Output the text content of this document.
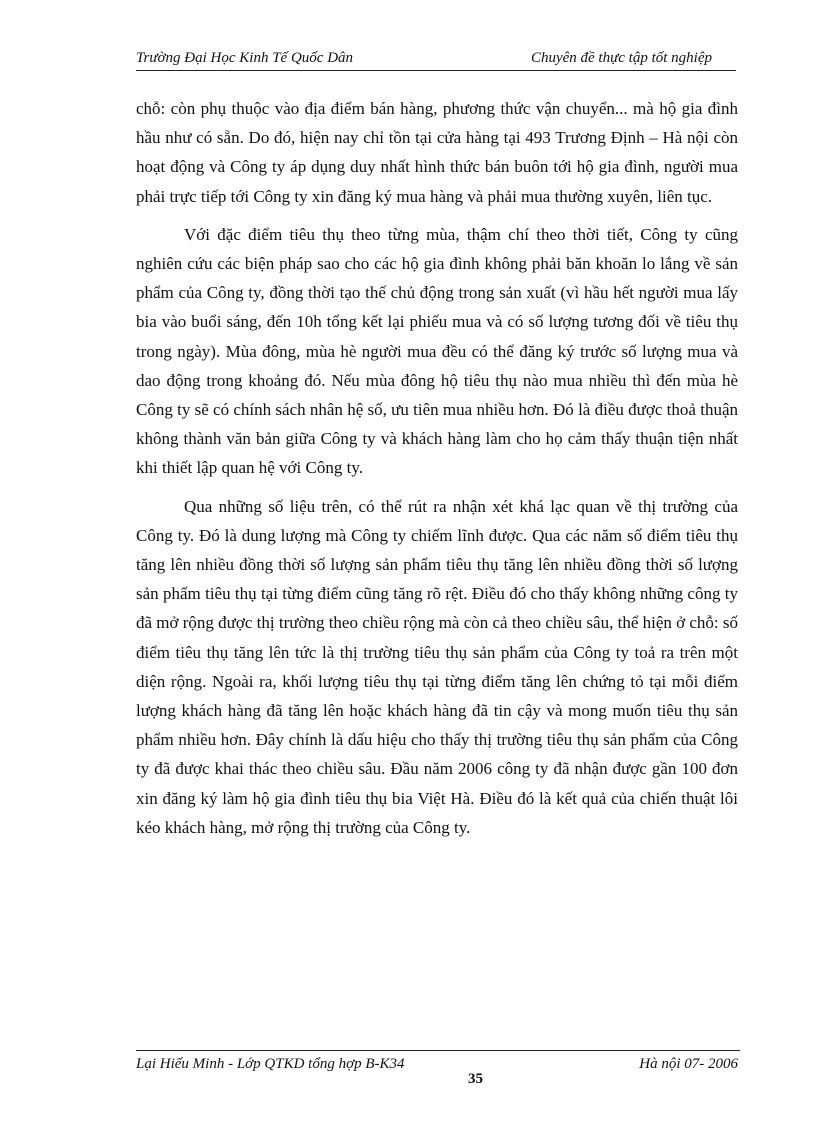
Trường Đại Học Kinh Tế Quốc Dân	Chuyên đề thực tập tốt nghiệp

chỗ: còn phụ thuộc vào địa điểm bán hàng, phương thức vận chuyển... mà hộ gia đình hầu như có sẵn. Do đó, hiện nay chỉ tồn tại cửa hàng tại 493 Trương Định – Hà nội còn hoạt động và Công ty áp dụng duy nhất hình thức bán buôn tới hộ gia đình, người mua phải trực tiếp tới Công ty xin đăng ký mua hàng và phải mua thường xuyên, liên tục.

Với đặc điểm tiêu thụ theo từng mùa, thậm chí theo thời tiết, Công ty cũng nghiên cứu các biện pháp sao cho các hộ gia đình không phải băn khoăn lo lắng về sản phẩm của Công ty, đồng thời tạo thế chủ động trong sản xuất (vì hầu hết người mua lấy bia vào buổi sáng, đến 10h tổng kết lại phiếu mua và có số lượng tương đối về tiêu thụ trong ngày). Mùa đông, mùa hè người mua đều có thể đăng ký trước số lượng mua và dao động trong khoảng đó. Nếu mùa đông hộ tiêu thụ nào mua nhiều thì đến mùa hè Công ty sẽ có chính sách nhân hệ số, ưu tiên mua nhiều hơn. Đó là điều được thoả thuận không thành văn bản giữa Công ty và khách hàng làm cho họ cảm thấy thuận tiện nhất khi thiết lập quan hệ với Công ty.

Qua những số liệu trên, có thể rút ra nhận xét khá lạc quan về thị trường của Công ty. Đó là dung lượng mà Công ty chiếm lĩnh được. Qua các năm số điểm tiêu thụ tăng lên nhiều đồng thời số lượng sản phẩm tiêu thụ tăng lên nhiều đồng thời số lượng sản phẩm tiêu thụ tại từng điểm cũng tăng rõ rệt. Điều đó cho thấy không những công ty đã mở rộng được thị trường theo chiều rộng mà còn cả theo chiều sâu, thể hiện ở chỗ: số điểm tiêu thụ tăng lên tức là thị trường tiêu thụ sản phẩm của Công ty toả ra trên một diện rộng. Ngoài ra, khối lượng tiêu thụ tại từng điểm tăng lên chứng tỏ tại mỗi điểm lượng khách hàng đã tăng lên hoặc khách hàng đã tin cậy và mong muốn tiêu thụ sản phẩm nhiều hơn. Đây chính là dấu hiệu cho thấy thị trường tiêu thụ sản phẩm của Công ty đã được khai thác theo chiều sâu. Đầu năm 2006 công ty đã nhận được gần 100 đơn xin đăng ký làm hộ gia đình tiêu thụ bia Việt Hà. Điều đó là kết quả của chiến thuật lôi kéo khách hàng, mở rộng thị trường của Công ty.

Lại Hiếu Minh - Lớp QTKD tổng hợp B-K34	Hà nội 07- 2006
35
